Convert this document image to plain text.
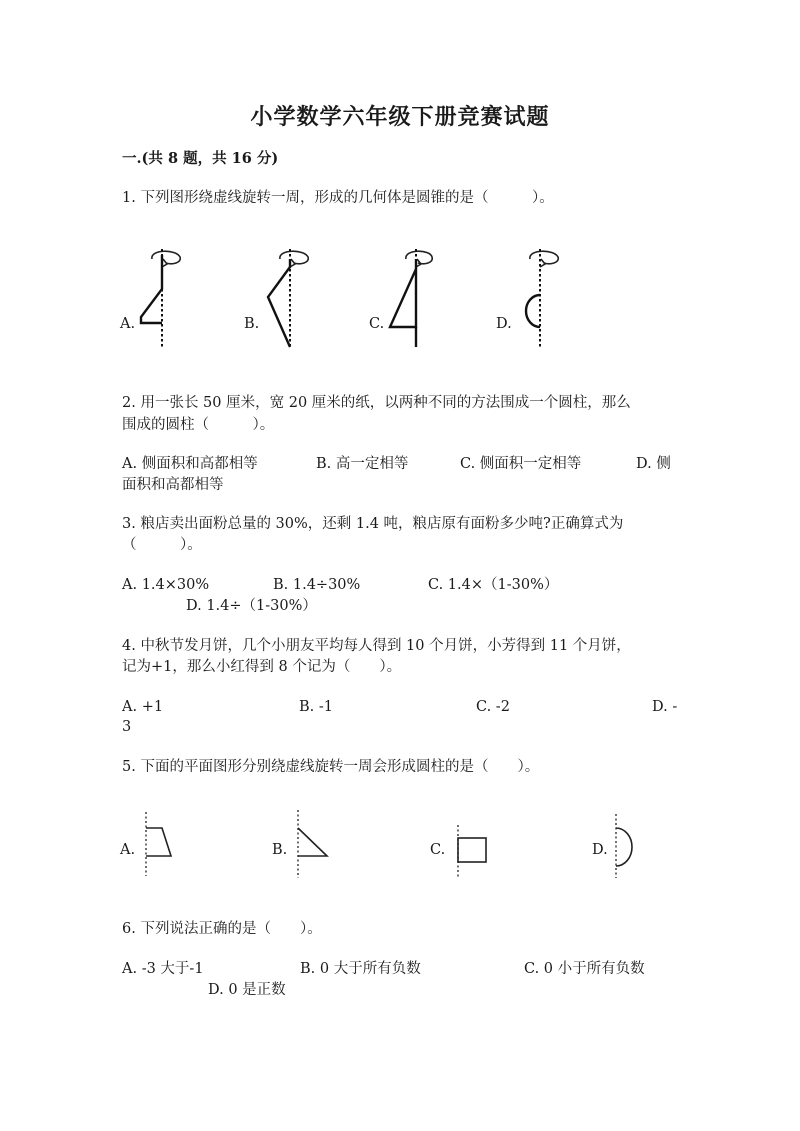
小学数学六年级下册竞赛试题
一.(共 8 题，共 16 分)
1. 下列图形绕虚线旋转一周，形成的几何体是圆锥的是（　　　）。
A.	B.	C.	D.
2. 用一张长 50 厘米，宽 20 厘米的纸，以两种不同的方法围成一个圆柱，那么
围成的圆柱（　　　）。
A. 侧面积和高都相等	B. 高一定相等	C. 侧面积一定相等	D. 侧
面积和高都相等
3. 粮店卖出面粉总量的 30%，还剩 1.4 吨，粮店原有面粉多少吨?正确算式为
（　　　）。
A. 1.4×30%	B. 1.4÷30%	C. 1.4×（1-30%）
D. 1.4÷（1-30%）
4. 中秋节发月饼，几个小朋友平均每人得到 10 个月饼，小芳得到 11 个月饼，
记为+1，那么小红得到 8 个记为（　　）。
A. +1	B. -1	C. -2	D. -
3
5. 下面的平面图形分别绕虚线旋转一周会形成圆柱的是（　　）。
A.	B.	C.	D.
6. 下列说法正确的是（　　）。
A. -3 大于-1	B. 0 大于所有负数	C. 0 小于所有负数
D. 0 是正数
